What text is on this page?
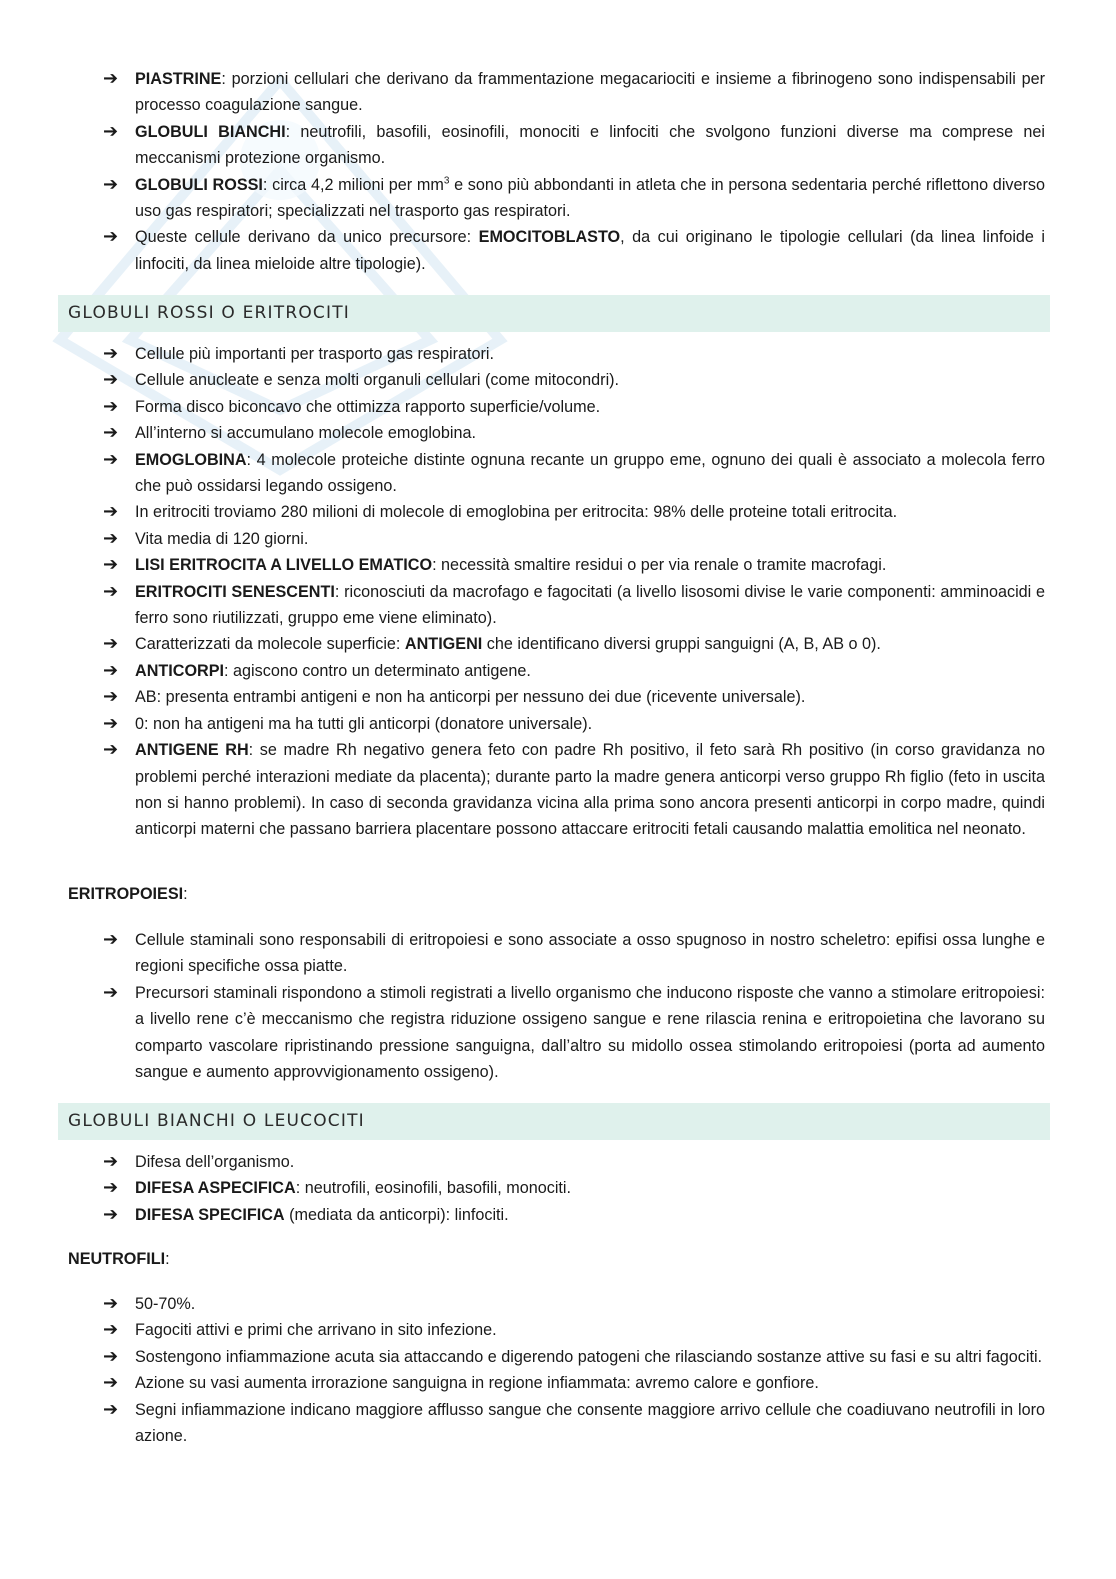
➔ PIASTRINE: porzioni cellulari che derivano da frammentazione megacariociti e insieme a fibrinogeno sono indispensabili per processo coagulazione sangue.
➔ GLOBULI BIANCHI: neutrofili, basofili, eosinofili, monociti e linfociti che svolgono funzioni diverse ma comprese nei meccanismi protezione organismo.
➔ GLOBULI ROSSI: circa 4,2 milioni per $mm^3$ e sono più abbondanti in atleta che in persona sedentaria perché riflettono diverso uso gas respiratori; specializzati nel trasporto gas respiratori.
➔ Queste cellule derivano da unico precursore: EMOCITOBLASTO, da cui originano le tipologie cellulari (da linea linfoide i linfociti, da linea mieloide altre tipologie).
GLOBULI ROSSI O ERITROCITI
➔ Cellule più importanti per trasporto gas respiratori.
➔ Cellule anucleate e senza molti organuli cellulari (come mitocondri).
➔ Forma disco biconcavo che ottimizza rapporto superficie/volume.
➔ All’interno si accumulano molecole emoglobina.
➔ EMOGLOBINA: 4 molecole proteiche distinte ognuna recante un gruppo eme, ognuno dei quali è associato a molecola ferro che può ossidarsi legando ossigeno.
➔ In eritrociti troviamo 280 milioni di molecole di emoglobina per eritrocita: 98% delle proteine totali eritrocita.
➔ Vita media di 120 giorni.
➔ LISI ERITROCITA A LIVELLO EMATICO: necessità smaltire residui o per via renale o tramite macrofagi.
➔ ERITROCITI SENESCENTI: riconosciuti da macrofago e fagocitati (a livello lisosomi divise le varie componenti: amminoacidi e ferro sono riutilizzati, gruppo eme viene eliminato).
➔ Caratterizzati da molecole superficie: ANTIGENI che identificano diversi gruppi sanguigni (A, B, AB o 0).
➔ ANTICORPI: agiscono contro un determinato antigene.
➔ AB: presenta entrambi antigeni e non ha anticorpi per nessuno dei due (ricevente universale).
➔ 0: non ha antigeni ma ha tutti gli anticorpi (donatore universale).
➔ ANTIGENE RH: se madre Rh negativo genera feto con padre Rh positivo, il feto sarà Rh positivo (in corso gravidanza no problemi perché interazioni mediate da placenta); durante parto la madre genera anticorpi verso gruppo Rh figlio (feto in uscita non si hanno problemi). In caso di seconda gravidanza vicina alla prima sono ancora presenti anticorpi in corpo madre, quindi anticorpi materni che passano barriera placentare possono attaccare eritrociti fetali causando malattia emolitica nel neonato.
ERITROPOIESI:
➔ Cellule staminali sono responsabili di eritropoiesi e sono associate a osso spugnoso in nostro scheletro: epifisi ossa lunghe e regioni specifiche ossa piatte.
➔ Precursori staminali rispondono a stimoli registrati a livello organismo che inducono risposte che vanno a stimolare eritropoiesi: a livello rene c’è meccanismo che registra riduzione ossigeno sangue e rene rilascia renina e eritropoietina che lavorano su comparto vascolare ripristinando pressione sanguigna, dall’altro su midollo ossea stimolando eritropoiesi (porta ad aumento sangue e aumento approvvigionamento ossigeno).
GLOBULI BIANCHI O LEUCOCITI
➔ Difesa dell’organismo.
➔ DIFESA ASPECIFICA: neutrofili, eosinofili, basofili, monociti.
➔ DIFESA SPECIFICA (mediata da anticorpi): linfociti.
NEUTROFILI:
➔ 50-70%.
➔ Fagociti attivi e primi che arrivano in sito infezione.
➔ Sostengono infiammazione acuta sia attaccando e digerendo patogeni che rilasciando sostanze attive su fasi e su altri fagociti.
➔ Azione su vasi aumenta irrorazione sanguigna in regione infiammata: avremo calore e gonfiore.
➔ Segni infiammazione indicano maggiore afflusso sangue che consente maggiore arrivo cellule che coadiuvano neutrofili in loro azione.
